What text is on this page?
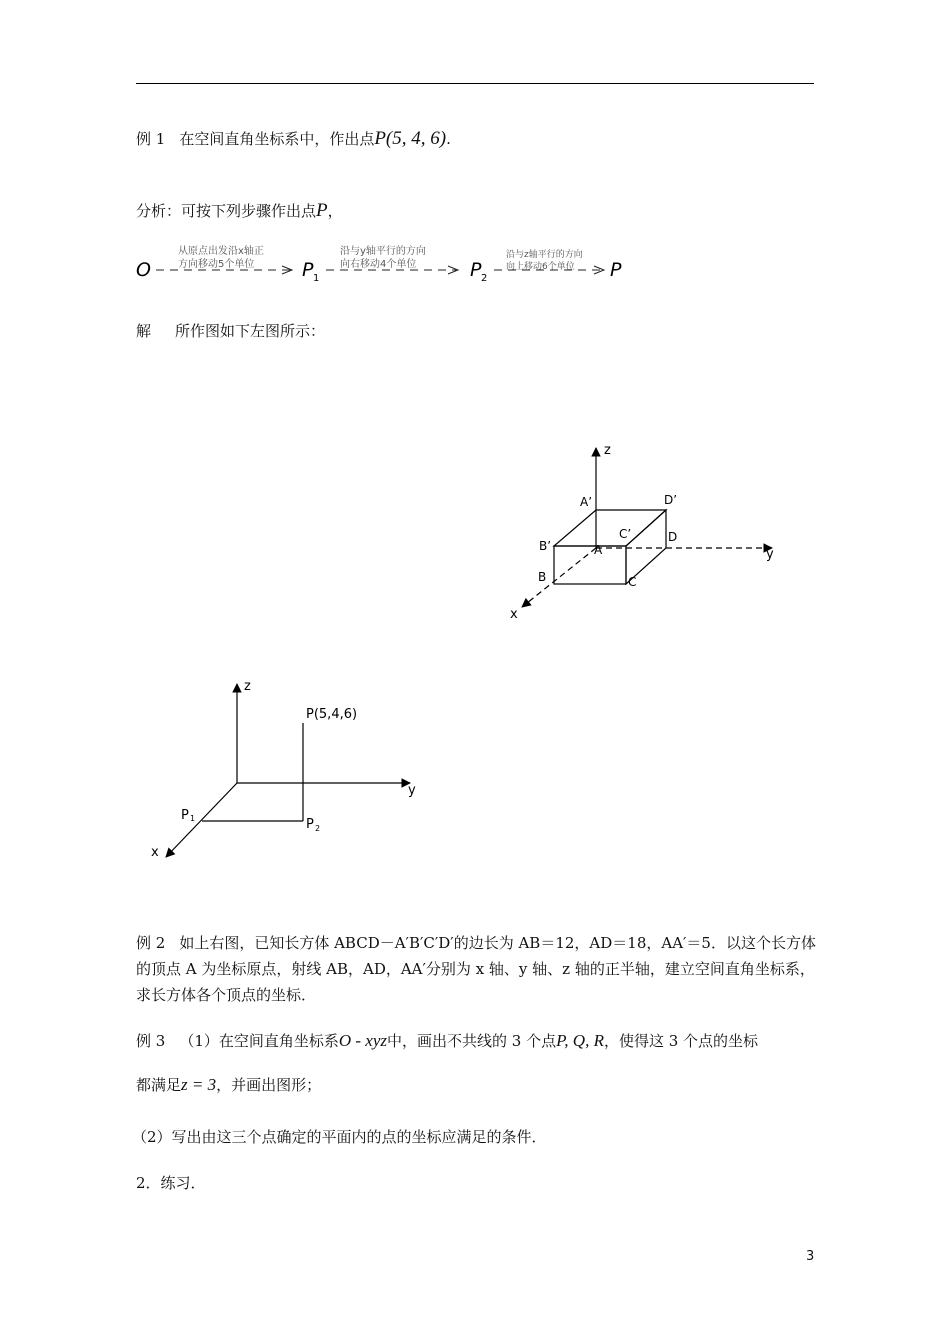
例 1 在空间直角坐标系中，作出点P(5, 4, 6).
分析：可按下列步骤作出点P，
O
从原点出发沿x轴正
方向移动5个单位	P 1
沿与y轴平行的方向
向右移动4个单位	P 2
沿与z轴平行的方向
向上移动6个单位 P
解 所作图如下左图所示：
z
y
x
A’	D’
C’
B’	A
D
B	C
z
y
x
P(5,4,6)
P 1	P 2
例 2 如上右图，已知长方体 ABCD－A′B′C′D′的边长为 AB＝12，AD＝18，AA′＝5．以这个长方体
的顶点 A 为坐标原点，射线 AB，AD，AA′分别为 x 轴、y 轴、z 轴的正半轴，建立空间直角坐标系，
求长方体各个顶点的坐标．
例 3 （1）在空间直角坐标系O - xyz中，画出不共线的 3 个点P, Q, R，使得这 3 个点的坐标
都满足z = 3，并画出图形；
（2）写出由这三个点确定的平面内的点的坐标应满足的条件．
2．练习．
3
